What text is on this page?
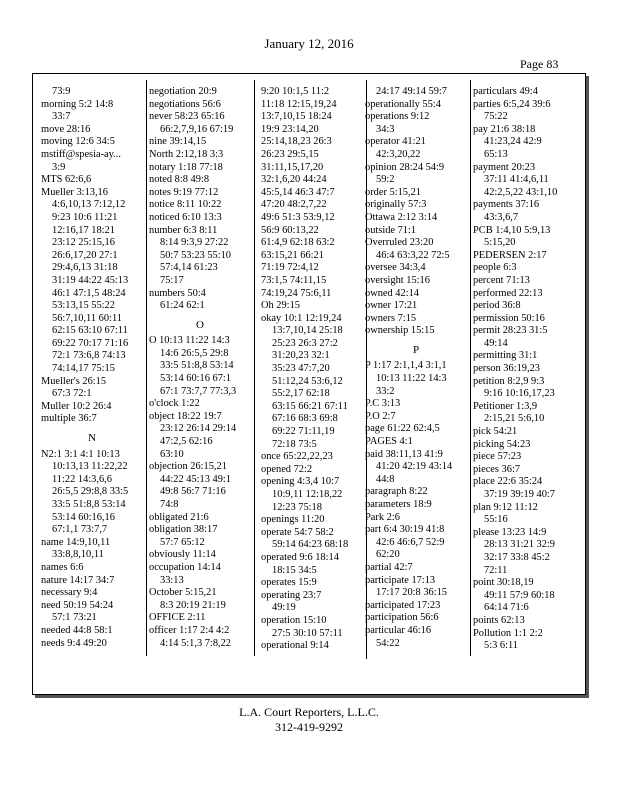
January 12, 2016
Page 83
73:9
morning 5:2 14:8
33:7
move 28:16
moving 12:6 34:5
mstiff@spesia-ay...
3:9
MTS 62:6,6
Mueller 3:13,16
4:6,10,13 7:12,12
9:23 10:6 11:21
12:16,17 18:21
23:12 25:15,16
26:6,17,20 27:1
29:4,6,13 31:18
31:19 44:22 45:13
46:1 47:1,5 48:24
53:13,15 55:22
56:7,10,11 60:11
62:15 63:10 67:11
69:22 70:17 71:16
72:1 73:6,8 74:13
74:14,17 75:15
Mueller's 26:15
67:3 72:1
Muller 10:2 26:4
multiple 36:7
N
N2:1 3:1 4:1 10:13
10:13,13 11:22,22
11:22 14:3,6,6
26:5,5 29:8,8 33:5
33:5 51:8,8 53:14
53:14 60:16,16
67:1,1 73:7,7
name 14:9,10,11
33:8,8,10,11
names 6:6
nature 14:17 34:7
necessary 9:4
need 50:19 54:24
57:1 73:21
needed 44:8 58:1
needs 9:4 49:20
negotiation 20:9
negotiations 56:6
never 58:23 65:16
66:2,7,9,16 67:19
nine 39:14,15
North 2:12,18 3:3
notary 1:18 77:18
noted 8:8 49:8
notes 9:19 77:12
notice 8:11 10:22
noticed 6:10 13:3
number 6:3 8:11
8:14 9:3,9 27:22
50:7 53:23 55:10
57:4,14 61:23
75:17
numbers 50:4
61:24 62:1
O
O 10:13 11:22 14:3
14:6 26:5,5 29:8
33:5 51:8,8 53:14
53:14 60:16 67:1
67:1 73:7,7 77:3,3
o'clock 1:22
object 18:22 19:7
23:12 26:14 29:14
47:2,5 62:16
63:10
objection 26:15,21
44:22 45:13 49:1
49:8 56:7 71:16
74:8
obligated 21:6
obligation 38:17
57:7 65:12
obviously 11:14
occupation 14:14
33:13
October 5:15,21
8:3 20:19 21:19
OFFICE 2:11
officer 1:17 2:4 4:2
4:14 5:1,3 7:8,22
9:20 10:1,5 11:2
11:18 12:15,19,24
13:7,10,15 18:24
19:9 23:14,20
25:14,18,23 26:3
26:23 29:5,15
31:11,15,17,20
32:1,6,20 44:24
45:5,14 46:3 47:7
47:20 48:2,7,22
49:6 51:3 53:9,12
56:9 60:13,22
61:4,9 62:18 63:2
63:15,21 66:21
71:19 72:4,12
73:1,5 74:11,15
74:19,24 75:6,11
Oh 29:15
okay 10:1 12:19,24
13:7,10,14 25:18
25:23 26:3 27:2
31:20,23 32:1
35:23 47:7,20
51:12,24 53:6,12
55:2,17 62:18
63:15 66:21 67:11
67:16 68:3 69:8
69:22 71:11,19
72:18 73:5
once 65:22,22,23
opened 72:2
opening 4:3,4 10:7
10:9,11 12:18,22
12:23 75:18
openings 11:20
operate 54:7 58:2
59:14 64:23 68:18
operated 9:6 18:14
18:15 34:5
operates 15:9
operating 23:7
49:19
operation 15:10
27:5 30:10 57:11
operational 9:14
24:17 49:14 59:7
operationally 55:4
operations 9:12
34:3
operator 41:21
42:3,20,22
opinion 28:24 54:9
59:2
order 5:15,21
originally 57:3
Ottawa 2:12 3:14
outside 71:1
Overruled 23:20
46:4 63:3,22 72:5
oversee 34:3,4
oversight 15:16
owned 42:14
owner 17:21
owners 7:15
ownership 15:15
P
P 1:17 2:1,1,4 3:1,1
10:13 11:22 14:3
33:2
P.C 3:13
P.O 2:7
page 61:22 62:4,5
PAGES 4:1
paid 38:11,13 41:9
41:20 42:19 43:14
44:8
paragraph 8:22
parameters 18:9
Park 2:6
part 6:4 30:19 41:8
42:6 46:6,7 52:9
62:20
partial 42:7
participate 17:13
17:17 20:8 36:15
participated 17:23
participation 56:6
particular 46:16
54:22
particulars 49:4
parties 6:5,24 39:6
75:22
pay 21:6 38:18
41:23,24 42:9
65:13
payment 20:23
37:11 41:4,6,11
42:2,5,22 43:1,10
payments 37:16
43:3,6,7
PCB 1:4,10 5:9,13
5:15,20
PEDERSEN 2:17
people 6:3
percent 71:13
performed 22:13
period 36:8
permission 50:16
permit 28:23 31:5
49:14
permitting 31:1
person 36:19,23
petition 8:2,9 9:3
9:16 10:16,17,23
Petitioner 1:3,9
2:15,21 5:6,10
pick 54:21
picking 54:23
piece 57:23
pieces 36:7
place 22:6 35:24
37:19 39:19 40:7
plan 9:12 11:12
55:16
please 13:23 14:9
28:13 31:21 32:9
32:17 33:8 45:2
72:11
point 30:18,19
49:11 57:9 60:18
64:14 71:6
points 62:13
Pollution 1:1 2:2
5:3 6:11
L.A. Court Reporters, L.L.C.
312-419-9292
